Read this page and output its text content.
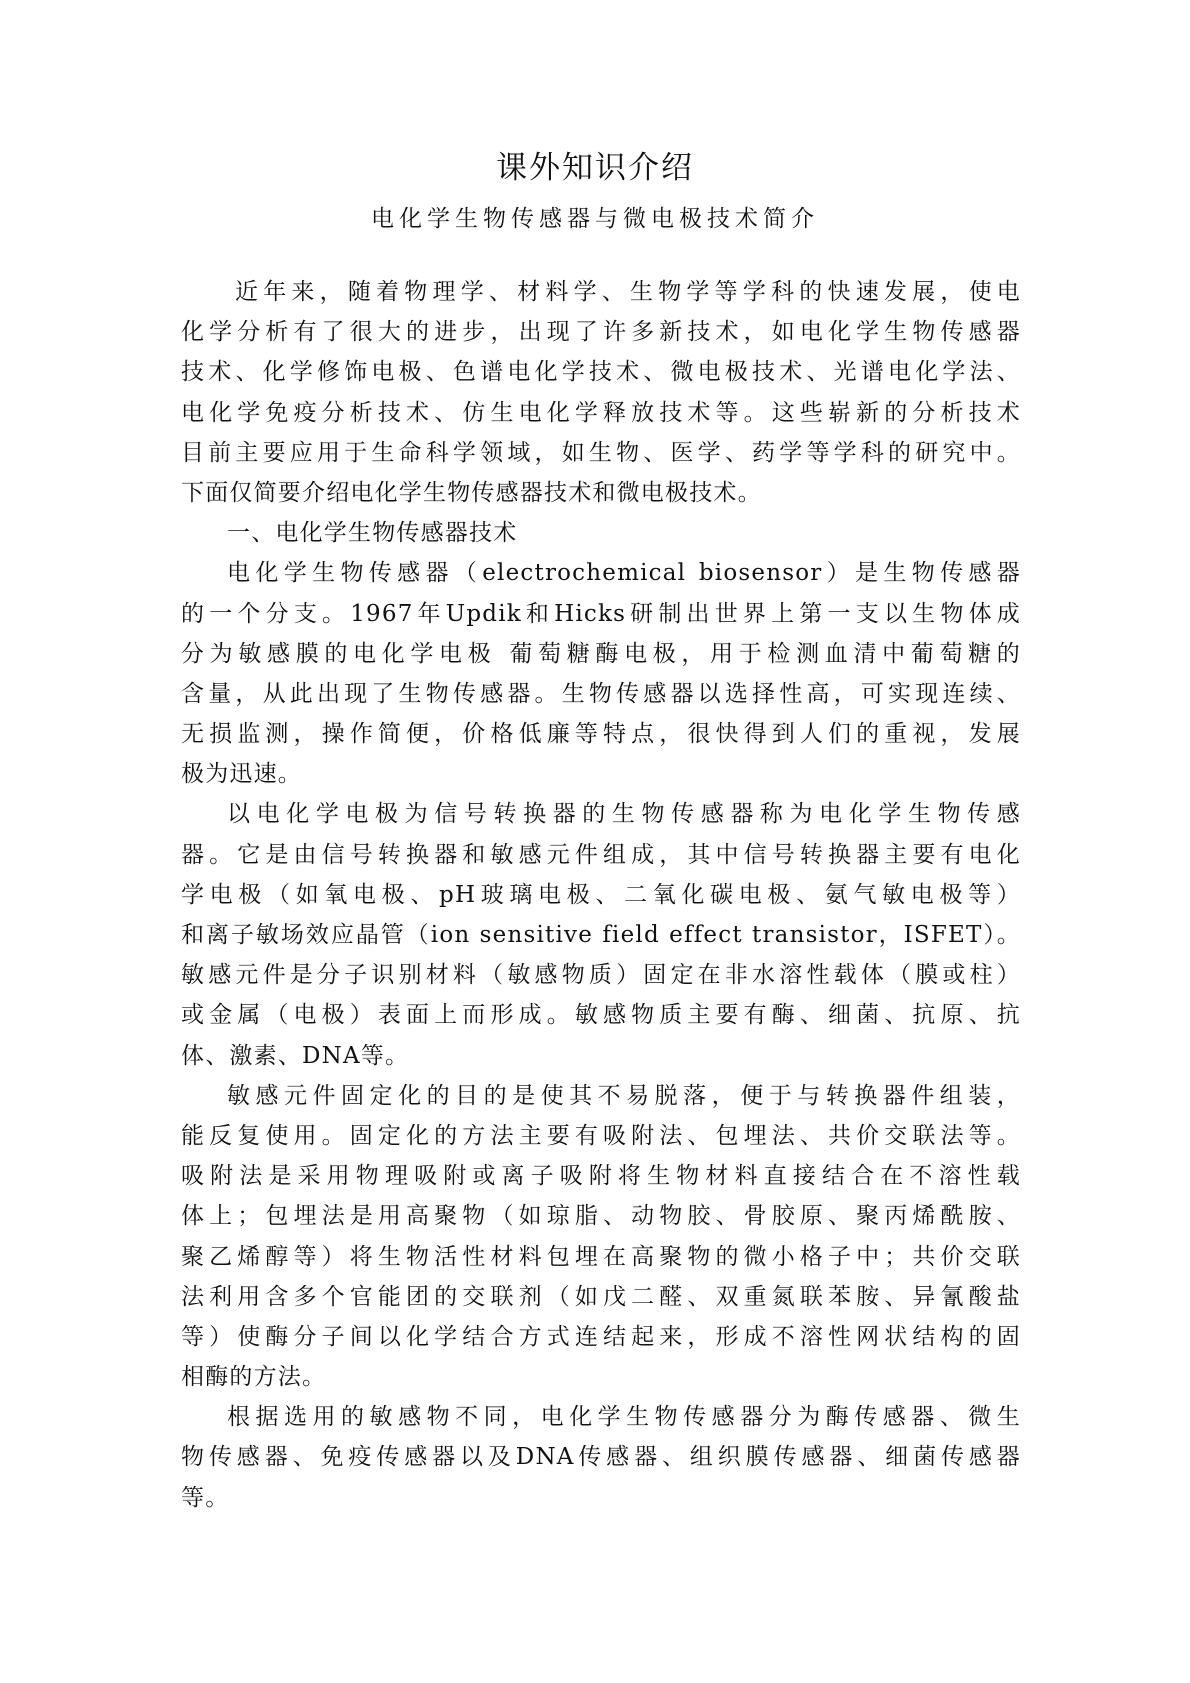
课外知识介绍
电化学生物传感器与微电极技术简介
近年来，随着物理学、材料学、生物学等学科的快速发展，使电
化学分析有了很大的进步，出现了许多新技术，如电化学生物传感器
技术、化学修饰电极、色谱电化学技术、微电极技术、光谱电化学法、
电化学免疫分析技术、仿生电化学释放技术等。这些崭新的分析技术
目前主要应用于生命科学领域，如生物、医学、药学等学科的研究中。
下面仅简要介绍电化学生物传感器技术和微电极技术。
一、电化学生物传感器技术
电化学生物传感器（electrochemical biosensor）是生物传感器
的一个分支。1967年Updik和Hicks研制出世界上第一支以生物体成
分为敏感膜的电化学电极 葡萄糖酶电极，用于检测血清中葡萄糖的
含量，从此出现了生物传感器。生物传感器以选择性高，可实现连续、
无损监测，操作简便，价格低廉等特点，很快得到人们的重视，发展
极为迅速。
以电化学电极为信号转换器的生物传感器称为电化学生物传感
器。它是由信号转换器和敏感元件组成，其中信号转换器主要有电化
学电极（如氧电极、pH玻璃电极、二氧化碳电极、氨气敏电极等）
和离子敏场效应晶管（ion sensitive field effect transistor，ISFET）。
敏感元件是分子识别材料（敏感物质）固定在非水溶性载体（膜或柱）
或金属（电极）表面上而形成。敏感物质主要有酶、细菌、抗原、抗
体、激素、DNA等。
敏感元件固定化的目的是使其不易脱落，便于与转换器件组装，
能反复使用。固定化的方法主要有吸附法、包埋法、共价交联法等。
吸附法是采用物理吸附或离子吸附将生物材料直接结合在不溶性载
体上；包埋法是用高聚物（如琼脂、动物胶、骨胶原、聚丙烯酰胺、
聚乙烯醇等）将生物活性材料包埋在高聚物的微小格子中；共价交联
法利用含多个官能团的交联剂（如戊二醛、双重氮联苯胺、异氰酸盐
等）使酶分子间以化学结合方式连结起来，形成不溶性网状结构的固
相酶的方法。
根据选用的敏感物不同，电化学生物传感器分为酶传感器、微生
物传感器、免疫传感器以及DNA传感器、组织膜传感器、细菌传感器
等。
